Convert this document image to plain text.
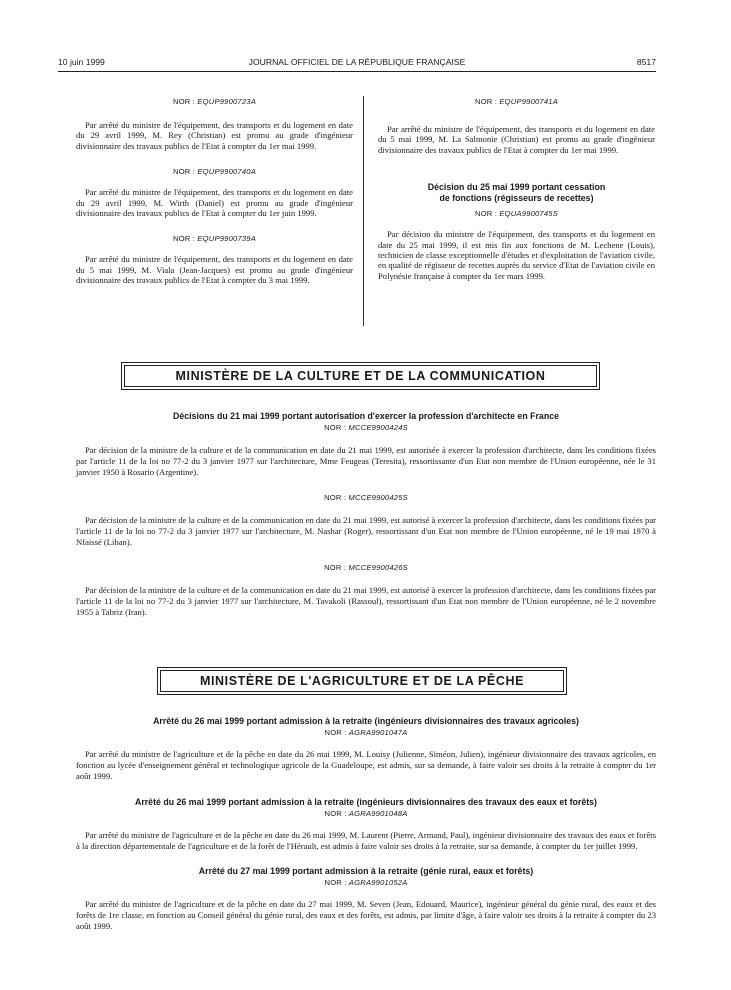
10 juin 1999	JOURNAL OFFICIEL DE LA RÉPUBLIQUE FRANÇAISE	8517

NOR : EQUP9900723A

Par arrêté du ministre de l'équipement, des transports et du logement en date du 29 avril 1999, M. Rey (Christian) est promu au grade d'ingénieur divisionnaire des travaux publics de l'Etat à compter du 1er mai 1999.

NOR : EQUP9900740A

Par arrêté du ministre de l'équipement, des transports et du logement en date du 29 avril 1999, M. Wirth (Daniel) est promu au grade d'ingénieur divisionnaire des travaux publics de l'Etat à compter du 1er juin 1999.

NOR : EQUP9900739A

Par arrêté du ministre de l'équipement, des transports et du logement en date du 5 mai 1999, M. Viala (Jean-Jacques) est promu au grade d'ingénieur divisionnaire des travaux publics de l'Etat à compter du 3 mai 1999.

NOR : EQUP9900741A

Par arrêté du ministre de l'équipement, des transports et du logement en date du 5 mai 1999, M. La Salmonie (Christian) est promu au grade d'ingénieur divisionnaire des travaux publics de l'Etat à compter du 1er mai 1999.

Décision du 25 mai 1999 portant cessation
de fonctions (régisseurs de recettes)

NOR : EQUA9900745S

Par décision du ministre de l'équipement, des transports et du logement en date du 25 mai 1999, il est mis fin aux fonctions de M. Lechene (Louis), technicien de classe exceptionnelle d'études et d'exploitation de l'aviation civile, en qualité de régisseur de recettes auprès du service d'Etat de l'aviation civile en Polynésie française à compter du 1er mars 1999.

MINISTÈRE DE LA CULTURE ET DE LA COMMUNICATION

Décisions du 21 mai 1999 portant autorisation d'exercer la profession d'architecte en France

NOR : MCCE9900424S

Par décision de la ministre de la culture et de la communication en date du 21 mai 1999, est autorisée à exercer la profession d'architecte, dans les conditions fixées par l'article 11 de la loi no 77-2 du 3 janvier 1977 sur l'architecture, Mme Feugeas (Teresita), ressortissante d'un Etat non membre de l'Union européenne, née le 31 janvier 1950 à Rosario (Argentine).

NOR : MCCE9900425S

Par décision de la ministre de la culture et de la communication en date du 21 mai 1999, est autorisé à exercer la profession d'architecte, dans les conditions fixées par l'article 11 de la loi no 77-2 du 3 janvier 1977 sur l'architecture, M. Nashar (Roger), ressortissant d'un Etat non membre de l'Union européenne, né le 19 mai 1970 à Nfaissé (Liban).

NOR : MCCE9900426S

Par décision de la ministre de la culture et de la communication en date du 21 mai 1999, est autorisé à exercer la profession d'architecte, dans les conditions fixées par l'article 11 de la loi no 77-2 du 3 janvier 1977 sur l'architecture, M. Tavakoli (Rassoul), ressortissant d'un Etat non membre de l'Union européenne, né le 2 novembre 1955 à Tabriz (Iran).

MINISTÈRE DE L'AGRICULTURE ET DE LA PÊCHE

Arrêté du 26 mai 1999 portant admission à la retraite (ingénieurs divisionnaires des travaux agricoles)

NOR : AGRA9901047A

Par arrêté du ministre de l'agriculture et de la pêche en date du 26 mai 1999, M. Louisy (Julienne, Siméon, Julien), ingénieur divisionnaire des travaux agricoles, en fonction au lycée d'enseignement général et technologique agricole de la Guadeloupe, est admis, sur sa demande, à faire valoir ses droits à la retraite à compter du 1er août 1999.

Arrêté du 26 mai 1999 portant admission à la retraite (ingénieurs divisionnaires des travaux des eaux et forêts)

NOR : AGRA9901048A

Par arrêté du ministre de l'agriculture et de la pêche en date du 26 mai 1999, M. Laurent (Pierre, Armand, Paul), ingénieur divisionnaire des travaux des eaux et forêts à la direction départementale de l'agriculture et de la forêt de l'Hérault, est admis à faire valoir ses droits à la retraite, sur sa demande, à compter du 1er juillet 1999.

Arrêté du 27 mai 1999 portant admission à la retraite (génie rural, eaux et forêts)

NOR : AGRA9901052A

Par arrêté du ministre de l'agriculture et de la pêche en date du 27 mai 1999, M. Seven (Jean, Edouard, Maurice), ingénieur général du génie rural, des eaux et des forêts de 1re classe, en fonction au Conseil général du génie rural, des eaux et des forêts, est admis, par limite d'âge, à faire valoir ses droits à la retraite à compter du 23 août 1999.
